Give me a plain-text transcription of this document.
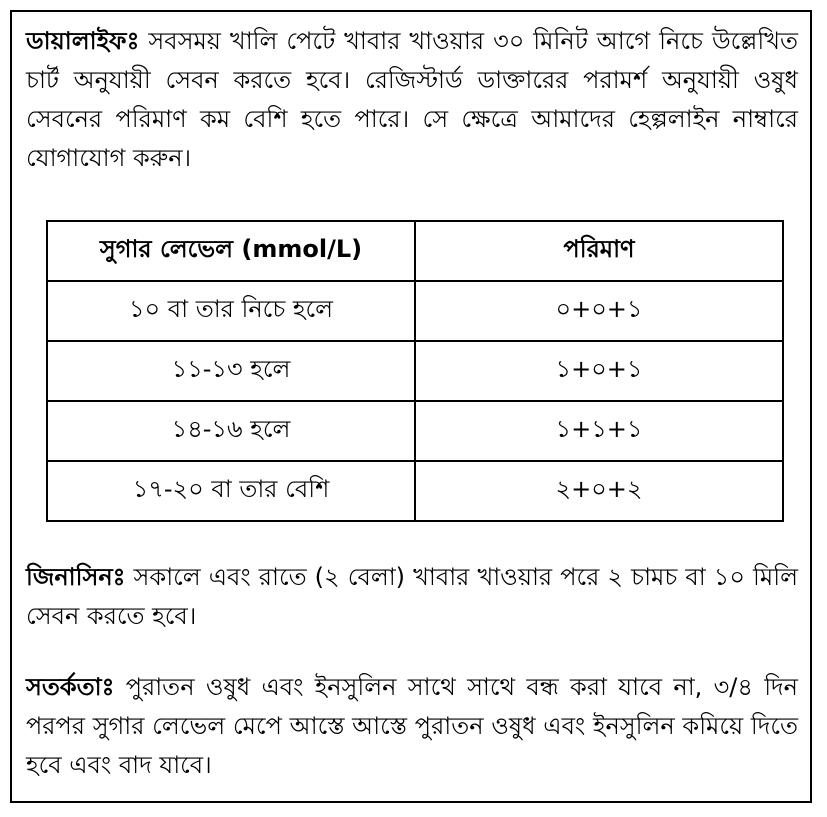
ডায়ালাইফঃ সবসময় খালি পেটে খাবার খাওয়ার ৩০ মিনিট আগে নিচে উল্লেখিত চার্ট অনুযায়ী সেবন করতে হবে। রেজিস্টার্ড ডাক্তারের পরামর্শ অনুযায়ী ওষুধ সেবনের পরিমাণ কম বেশি হতে পারে। সে ক্ষেত্রে আমাদের হেল্পলাইন নাম্বারে যোগাযোগ করুন।

সুগার লেভেল (mmol/L)	পরিমাণ
১০ বা তার নিচে হলে	০+০+১
১১-১৩ হলে	১+০+১
১৪-১৬ হলে	১+১+১
১৭-২০ বা তার বেশি	২+০+২

জিনাসিনঃ সকালে এবং রাতে (২ বেলা) খাবার খাওয়ার পরে ২ চামচ বা ১০ মিলি সেবন করতে হবে।

সতর্কতাঃ পুরাতন ওষুধ এবং ইনসুলিন সাথে সাথে বন্ধ করা যাবে না, ৩/৪ দিন পরপর সুগার লেভেল মেপে আস্তে আস্তে পুরাতন ওষুধ এবং ইনসুলিন কমিয়ে দিতে হবে এবং বাদ যাবে।
